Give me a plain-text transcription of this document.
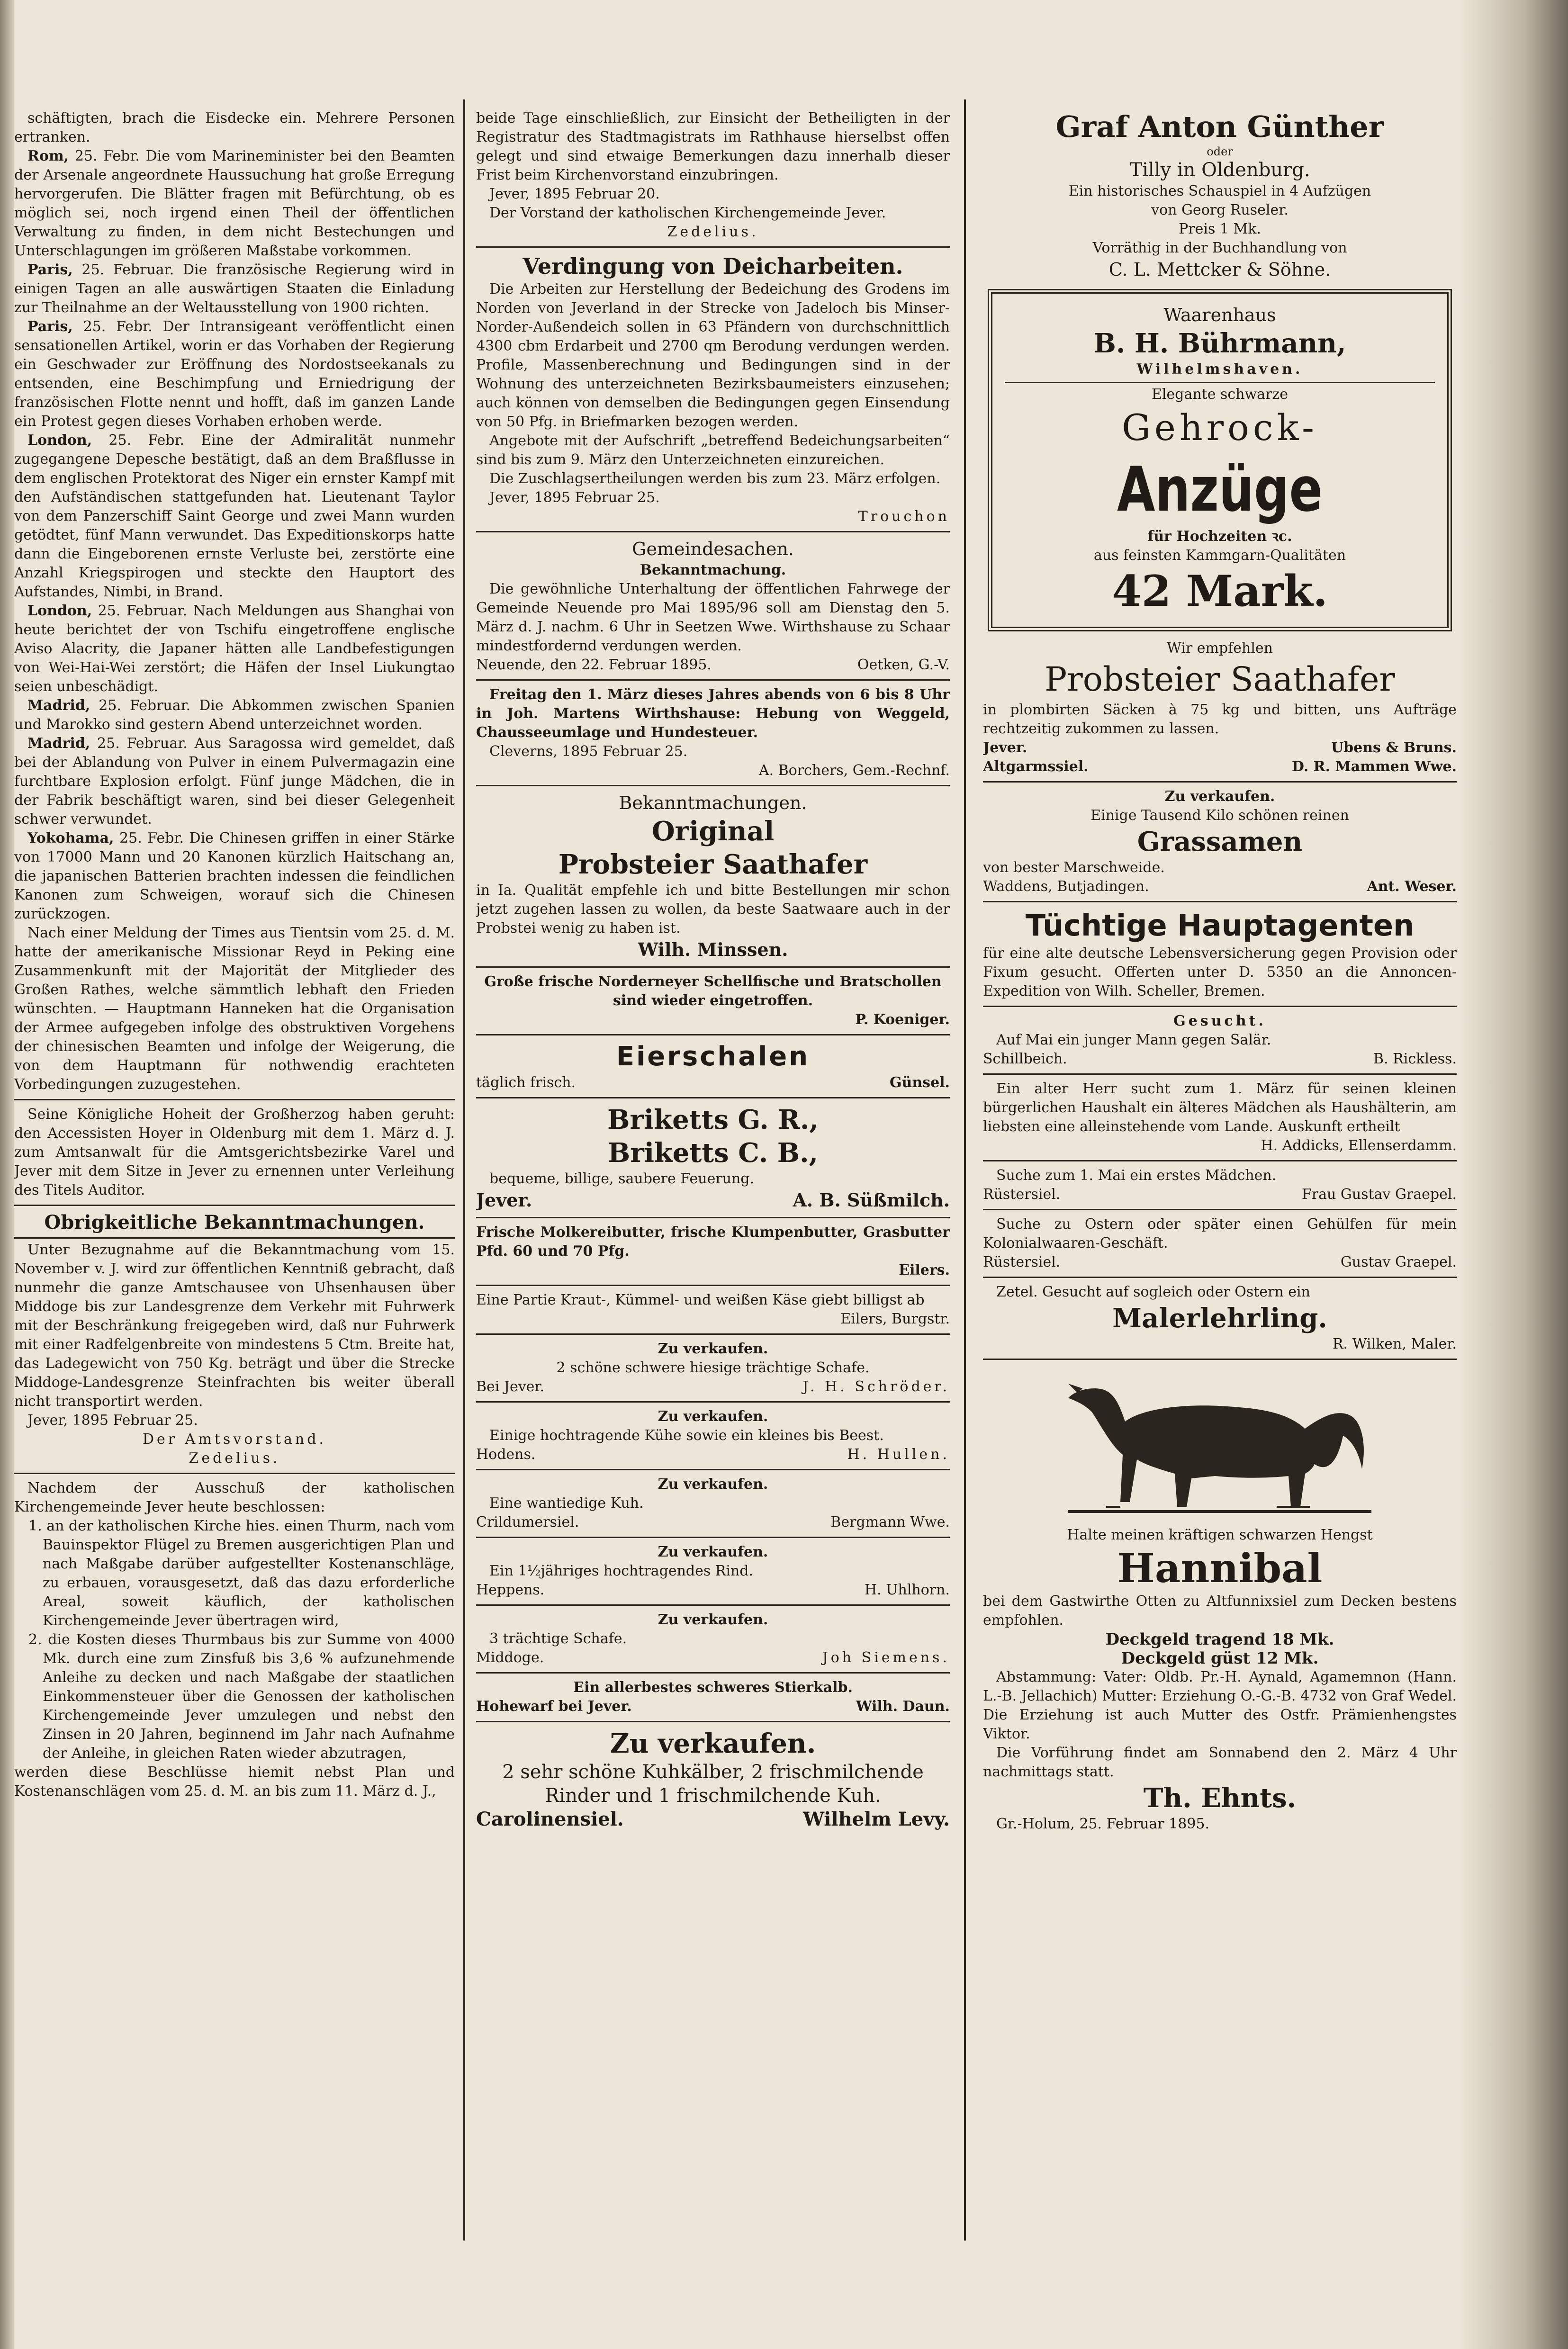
schäftigten, brach die Eisdecke ein. Mehrere Personen ertranken.

Rom, 25. Febr. Die vom Marineminister bei den Beamten der Arsenale angeordnete Haussuchung hat große Erregung hervorgerufen. Die Blätter fragen mit Befürchtung, ob es möglich sei, noch irgend einen Theil der öffentlichen Verwaltung zu finden, in dem nicht Bestechungen und Unterschlagungen im größeren Maßstabe vorkommen.

Paris, 25. Februar. Die französische Regierung wird in einigen Tagen an alle auswärtigen Staaten die Einladung zur Theilnahme an der Weltausstellung von 1900 richten.

Paris, 25. Febr. Der Intransigeant veröffentlicht einen sensationellen Artikel, worin er das Vorhaben der Regierung ein Geschwader zur Eröffnung des Nordostseekanals zu entsenden, eine Beschimpfung und Erniedrigung der französischen Flotte nennt und hofft, daß im ganzen Lande ein Protest gegen dieses Vorhaben erhoben werde.

London, 25. Febr. Eine der Admiralität nunmehr zugegangene Depesche bestätigt, daß an dem Braßflusse in dem englischen Protektorat des Niger ein ernster Kampf mit den Aufständischen stattgefunden hat. Lieutenant Taylor von dem Panzerschiff Saint George und zwei Mann wurden getödtet, fünf Mann verwundet. Das Expeditionskorps hatte dann die Eingeborenen ernste Verluste bei, zerstörte eine Anzahl Kriegspirogen und steckte den Hauptort des Aufstandes, Nimbi, in Brand.

London, 25. Februar. Nach Meldungen aus Shanghai von heute berichtet der von Tschifu eingetroffene englische Aviso Alacrity, die Japaner hätten alle Landbefestigungen von Wei-Hai-Wei zerstört; die Häfen der Insel Liukungtao seien unbeschädigt.

Madrid, 25. Februar. Die Abkommen zwischen Spanien und Marokko sind gestern Abend unterzeichnet worden.

Madrid, 25. Februar. Aus Saragossa wird gemeldet, daß bei der Ablandung von Pulver in einem Pulvermagazin eine furchtbare Explosion erfolgt. Fünf junge Mädchen, die in der Fabrik beschäftigt waren, sind bei dieser Gelegenheit schwer verwundet.

Yokohama, 25. Febr. Die Chinesen griffen in einer Stärke von 17000 Mann und 20 Kanonen kürzlich Haitschang an, die japanischen Batterien brachten indessen die feindlichen Kanonen zum Schweigen, worauf sich die Chinesen zurückzogen.

Nach einer Meldung der Times aus Tientsin vom 25. d. M. hatte der amerikanische Missionar Reyd in Peking eine Zusammenkunft mit der Majorität der Mitglieder des Großen Rathes, welche sämmtlich lebhaft den Frieden wünschten. — Hauptmann Hanneken hat die Organisation der Armee aufgegeben infolge des obstruktiven Vorgehens der chinesischen Beamten und infolge der Weigerung, die von dem Hauptmann für nothwendig erachteten Vorbedingungen zuzugestehen.

Seine Königliche Hoheit der Großherzog haben geruht: den Accessisten Hoyer in Oldenburg mit dem 1. März d. J. zum Amtsanwalt für die Amtsgerichtsbezirke Varel und Jever mit dem Sitze in Jever zu ernennen unter Verleihung des Titels Auditor.

Obrigkeitliche Bekanntmachungen.

Unter Bezugnahme auf die Bekanntmachung vom 15. November v. J. wird zur öffentlichen Kenntniß gebracht, daß nunmehr die ganze Amtschausee von Uhsenhausen über Middoge bis zur Landesgrenze dem Verkehr mit Fuhrwerk mit der Beschränkung freigegeben wird, daß nur Fuhrwerk mit einer Radfelgenbreite von mindestens 5 Ctm. Breite hat, das Ladegewicht von 750 Kg. beträgt und über die Strecke Middoge-Landesgrenze Steinfrachten bis weiter überall nicht transportirt werden.

Jever, 1895 Februar 25.

Der Amtsvorstand.

Zedelius.

Nachdem der Ausschuß der katholischen Kirchengemeinde Jever heute beschlossen:

1. an der katholischen Kirche hies. einen Thurm, nach vom Bauinspektor Flügel zu Bremen ausgerichtigen Plan und nach Maßgabe darüber aufgestellter Kostenanschläge, zu erbauen, vorausgesetzt, daß das dazu erforderliche Areal, soweit käuflich, der katholischen Kirchengemeinde Jever übertragen wird,

2. die Kosten dieses Thurmbaus bis zur Summe von 4000 Mk. durch eine zum Zinsfuß bis 3,6 % aufzunehmende Anleihe zu decken und nach Maßgabe der staatlichen Einkommensteuer über die Genossen der katholischen Kirchengemeinde Jever umzulegen und nebst den Zinsen in 20 Jahren, beginnend im Jahr nach Aufnahme der Anleihe, in gleichen Raten wieder abzutragen,

werden diese Beschlüsse hiemit nebst Plan und Kostenanschlägen vom 25. d. M. an bis zum 11. März d. J.,

beide Tage einschließlich, zur Einsicht der Betheiligten in der Registratur des Stadtmagistrats im Rathhause hierselbst offen gelegt und sind etwaige Bemerkungen dazu innerhalb dieser Frist beim Kirchenvorstand einzubringen.

Jever, 1895 Februar 20.

Der Vorstand der katholischen Kirchengemeinde Jever.

Zedelius.

Verdingung von Deicharbeiten.

Die Arbeiten zur Herstellung der Bedeichung des Grodens im Norden von Jeverland in der Strecke von Jadeloch bis Minser-Norder-Außendeich sollen in 63 Pfändern von durchschnittlich 4300 cbm Erdarbeit und 2700 qm Berodung verdungen werden. Profile, Massenberechnung und Bedingungen sind in der Wohnung des unterzeichneten Bezirksbaumeisters einzusehen; auch können von demselben die Bedingungen gegen Einsendung von 50 Pfg. in Briefmarken bezogen werden.

Angebote mit der Aufschrift „betreffend Bedeichungsarbeiten“ sind bis zum 9. März den Unterzeichneten einzureichen.

Die Zuschlagsertheilungen werden bis zum 23. März erfolgen.

Jever, 1895 Februar 25.

Trouchon

Gemeindesachen.

Bekanntmachung.

Die gewöhnliche Unterhaltung der öffentlichen Fahrwege der Gemeinde Neuende pro Mai 1895/96 soll am Dienstag den 5. März d. J. nachm. 6 Uhr in Seetzen Wwe. Wirthshause zu Schaar mindestfordernd verdungen werden.

Neuende, den 22. Februar 1895.	Oetken, G.-V.

Freitag den 1. März dieses Jahres abends von 6 bis 8 Uhr in Joh. Martens Wirthshause: Hebung von Weggeld, Chausseeumlage und Hundesteuer.

Cleverns, 1895 Februar 25.

A. Borchers, Gem.-Rechnf.

Bekanntmachungen.

Original

Probsteier Saathafer

in Ia. Qualität empfehle ich und bitte Bestellungen mir schon jetzt zugehen lassen zu wollen, da beste Saatwaare auch in der Probstei wenig zu haben ist.

Wilh. Minssen.

Große frische Norderneyer Schellfische und Bratschollen sind wieder eingetroffen.

P. Koeniger.

Eierschalen

täglich frisch.	Günsel.

Briketts G. R.,

Briketts C. B.,

bequeme, billige, saubere Feuerung.

Jever.	A. B. Süßmilch.

Frische Molkereibutter, frische Klumpenbutter, Grasbutter Pfd. 60 und 70 Pfg.

Eilers.

Eine Partie Kraut-, Kümmel- und weißen Käse giebt billigst ab

Eilers, Burgstr.

Zu verkaufen.

2 schöne schwere hiesige trächtige Schafe.

Bei Jever.	J. H. Schröder.

Zu verkaufen.

Einige hochtragende Kühe sowie ein kleines bis Beest.

Hodens.	H. Hullen.

Zu verkaufen.

Eine wantiedige Kuh.

Crildumersiel.	Bergmann Wwe.

Zu verkaufen.

Ein 1½jähriges hochtragendes Rind.

Heppens.	H. Uhlhorn.

Zu verkaufen.

3 trächtige Schafe.

Middoge.	Joh Siemens.

Ein allerbestes schweres Stierkalb.

Hohewarf bei Jever.	Wilh. Daun.

Zu verkaufen.

2 sehr schöne Kuhkälber, 2 frischmilchende Rinder und 1 frischmilchende Kuh.

Carolinensiel.	Wilhelm Levy.

Graf Anton Günther

oder

Tilly in Oldenburg.

Ein historisches Schauspiel in 4 Aufzügen

von Georg Ruseler.

Preis 1 Mk.

Vorräthig in der Buchhandlung von

C. L. Mettcker & Söhne.

Waarenhaus

B. H. Bührmann,

Wilhelmshaven.

Elegante schwarze

Gehrock-

Anzüge

für Hochzeiten ꝛc.

aus feinsten Kammgarn-Qualitäten

42 Mark.

Wir empfehlen

Probsteier Saathafer

in plombirten Säcken à 75 kg und bitten, uns Aufträge rechtzeitig zukommen zu lassen.

Jever.	Ubens & Bruns.
Altgarmssiel.	D. R. Mammen Wwe.

Zu verkaufen.

Einige Tausend Kilo schönen reinen

Grassamen

von bester Marschweide.

Waddens, Butjadingen.	Ant. Weser.

Tüchtige Hauptagenten

für eine alte deutsche Lebensversicherung gegen Provision oder Fixum gesucht. Offerten unter D. 5350 an die Annoncen-Expedition von Wilh. Scheller, Bremen.

Gesucht.

Auf Mai ein junger Mann gegen Salär.

Schillbeich.	B. Rickless.

Ein alter Herr sucht zum 1. März für seinen kleinen bürgerlichen Haushalt ein älteres Mädchen als Haushälterin, am liebsten eine alleinstehende vom Lande. Auskunft ertheilt

H. Addicks, Ellenserdamm.

Suche zum 1. Mai ein erstes Mädchen.

Rüstersiel.	Frau Gustav Graepel.

Suche zu Ostern oder später einen Gehülfen für mein Kolonialwaaren-Geschäft.

Rüstersiel.	Gustav Graepel.

Zetel. Gesucht auf sogleich oder Ostern ein

Malerlehrling.

R. Wilken, Maler.

Halte meinen kräftigen schwarzen Hengst

Hannibal

bei dem Gastwirthe Otten zu Altfunnixsiel zum Decken bestens empfohlen.

Deckgeld tragend 18 Mk.

Deckgeld güst 12 Mk.

Abstammung: Vater: Oldb. Pr.-H. Aynald, Agamemnon (Hann. L.-B. Jellachich) Mutter: Erziehung O.-G.-B. 4732 von Graf Wedel. Die Erziehung ist auch Mutter des Ostfr. Prämienhengstes Viktor.

Die Vorführung findet am Sonnabend den 2. März 4 Uhr nachmittags statt.

Th. Ehnts.

Gr.-Holum, 25. Februar 1895.
